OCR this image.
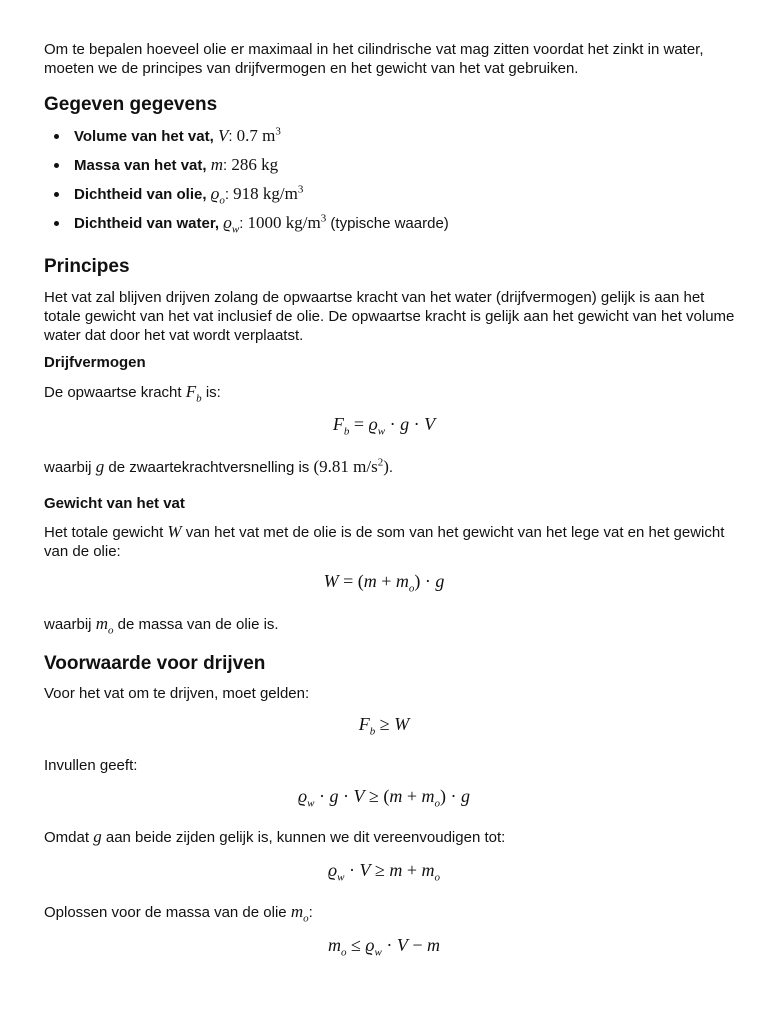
Om te bepalen hoeveel olie er maximaal in het cilindrische vat mag zitten voordat het zinkt in water, moeten we de principes van drijfvermogen en het gewicht van het vat gebruiken.

Gegeven gegevens
Volume van het vat, V: 0.7 $m^3$
Massa van het vat, m: 286 kg
Dichtheid van olie, $ϱ_o$: 918 $kg/m^3$
Dichtheid van water, $ϱ_w$: 1000 $kg/m^3$ (typische waarde)
Principes

Het vat zal blijven drijven zolang de opwaartse kracht van het water (drijfvermogen) gelijk is aan het totale gewicht van het vat inclusief de olie. De opwaartse kracht is gelijk aan het gewicht van het volume water dat door het vat wordt verplaatst.

Drijfvermogen

De opwaartse kracht $F_b$ is:

$F_b = ϱ_w \cdot g \cdot V$

waarbij g de zwaartekrachtversnelling is (9.81 $m/s^2$).

Gewicht van het vat

Het totale gewicht W van het vat met de olie is de som van het gewicht van het lege vat en het gewicht van de olie:

$W = (m + m_o) \cdot g$

waarbij $m_o$ de massa van de olie is.

Voorwaarde voor drijven

Voor het vat om te drijven, moet gelden:

$F_b \ge W$

Invullen geeft:

$ϱ_w \cdot g \cdot V \ge (m + m_o) \cdot g$

Omdat g aan beide zijden gelijk is, kunnen we dit vereenvoudigen tot:

$ϱ_w \cdot V \ge m + m_o$

Oplossen voor de massa van de olie $m_o$:

$m_o \le ϱ_w \cdot V - m$
